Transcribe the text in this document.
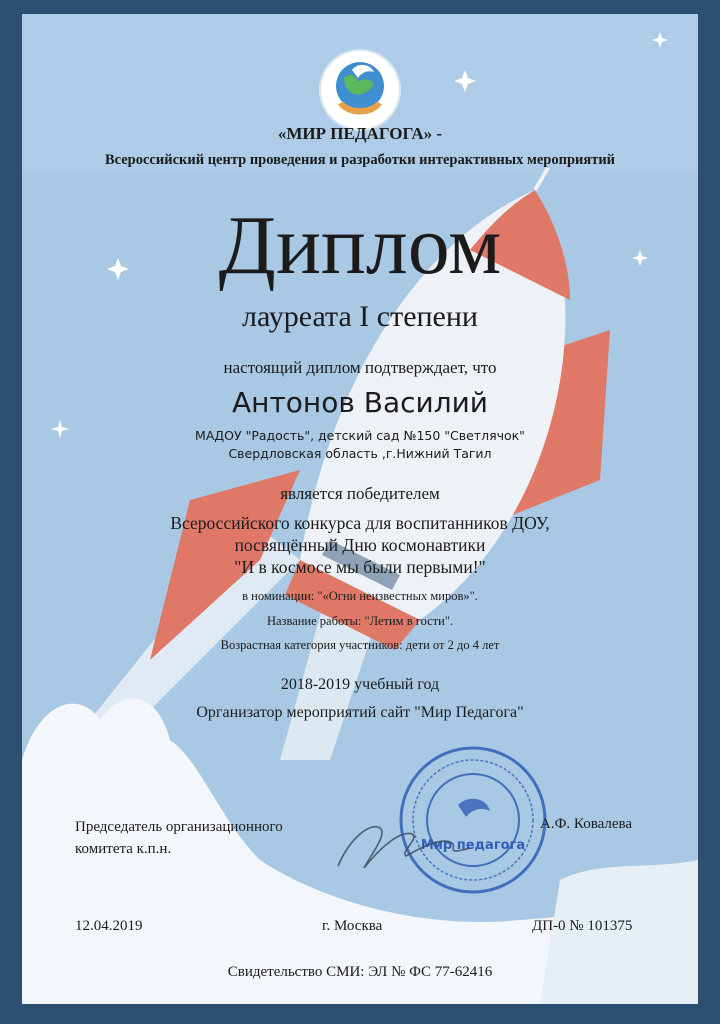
Мир педагога
«МИР ПЕДАГОГА» -
Всероссийский центр проведения и разработки интерактивных мероприятий
Диплом
лауреата I степени
настоящий диплом подтверждает, что
Антонов Василий
МАДОУ "Радость", детский сад №150 "Светлячок"
Свердловская область ,г.Нижний Тагил
является победителем
Всероссийского конкурса для воспитанников ДОУ,
посвящённый Дню космонавтики
"И в космосе мы были первыми!"
в номинации: "«Огни неизвестных миров»".
Название работы: "Летим в гости".
Возрастная категория участников: дети от 2 до 4 лет
2018-2019 учебный год
Организатор мероприятий сайт "Мир Педагога"
Председатель организационного
комитета к.п.н.
А.Ф. Ковалева
12.04.2019	г. Москва	ДП-0 № 101375
Свидетельство СМИ: ЭЛ № ФС 77-62416
